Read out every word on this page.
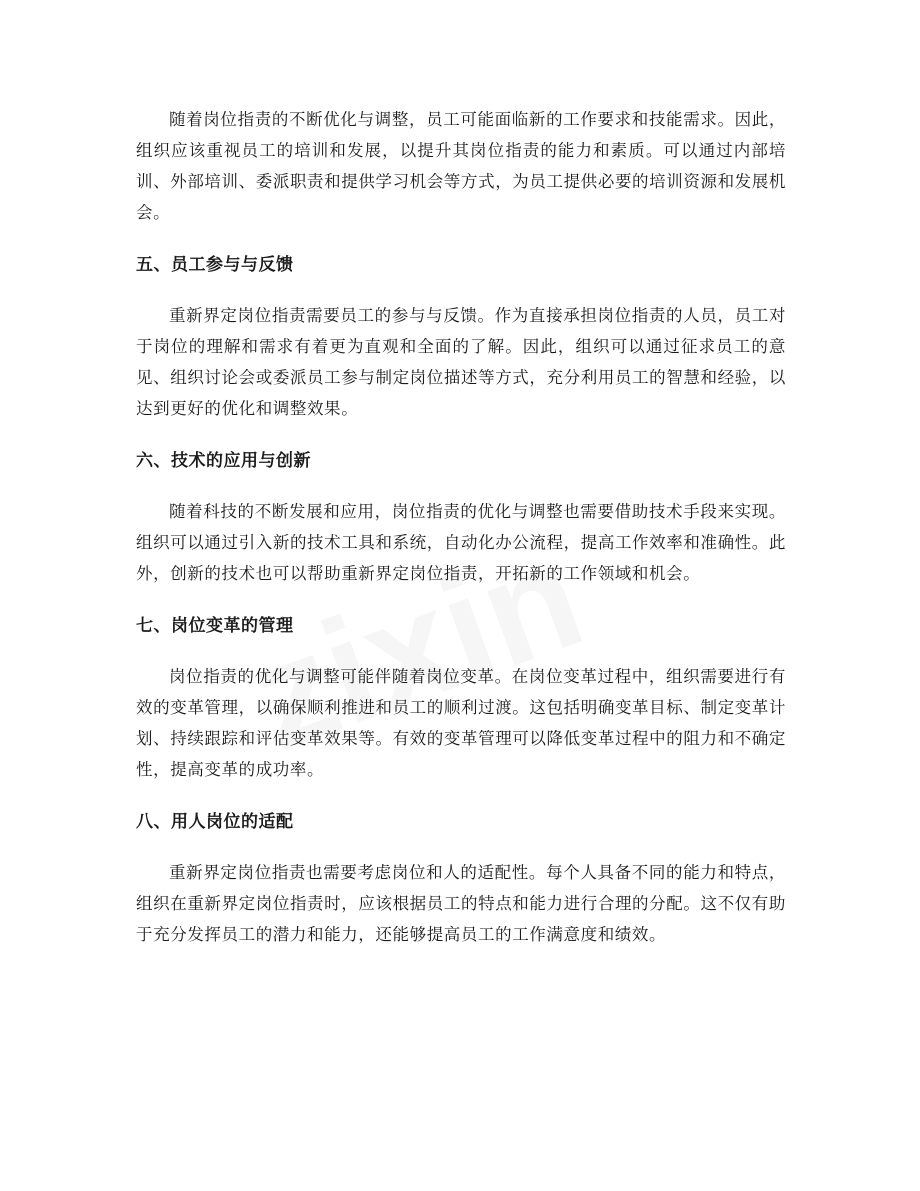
随着岗位指责的不断优化与调整，员工可能面临新的工作要求和技能需求。因此，组织应该重视员工的培训和发展，以提升其岗位指责的能力和素质。可以通过内部培训、外部培训、委派职责和提供学习机会等方式，为员工提供必要的培训资源和发展机会。

五、员工参与与反馈

重新界定岗位指责需要员工的参与与反馈。作为直接承担岗位指责的人员，员工对于岗位的理解和需求有着更为直观和全面的了解。因此，组织可以通过征求员工的意见、组织讨论会或委派员工参与制定岗位描述等方式，充分利用员工的智慧和经验，以达到更好的优化和调整效果。

六、技术的应用与创新

随着科技的不断发展和应用，岗位指责的优化与调整也需要借助技术手段来实现。组织可以通过引入新的技术工具和系统，自动化办公流程，提高工作效率和准确性。此外，创新的技术也可以帮助重新界定岗位指责，开拓新的工作领域和机会。

七、岗位变革的管理

岗位指责的优化与调整可能伴随着岗位变革。在岗位变革过程中，组织需要进行有效的变革管理，以确保顺利推进和员工的顺利过渡。这包括明确变革目标、制定变革计划、持续跟踪和评估变革效果等。有效的变革管理可以降低变革过程中的阻力和不确定性，提高变革的成功率。

八、用人岗位的适配

重新界定岗位指责也需要考虑岗位和人的适配性。每个人具备不同的能力和特点，组织在重新界定岗位指责时，应该根据员工的特点和能力进行合理的分配。这不仅有助于充分发挥员工的潜力和能力，还能够提高员工的工作满意度和绩效。
